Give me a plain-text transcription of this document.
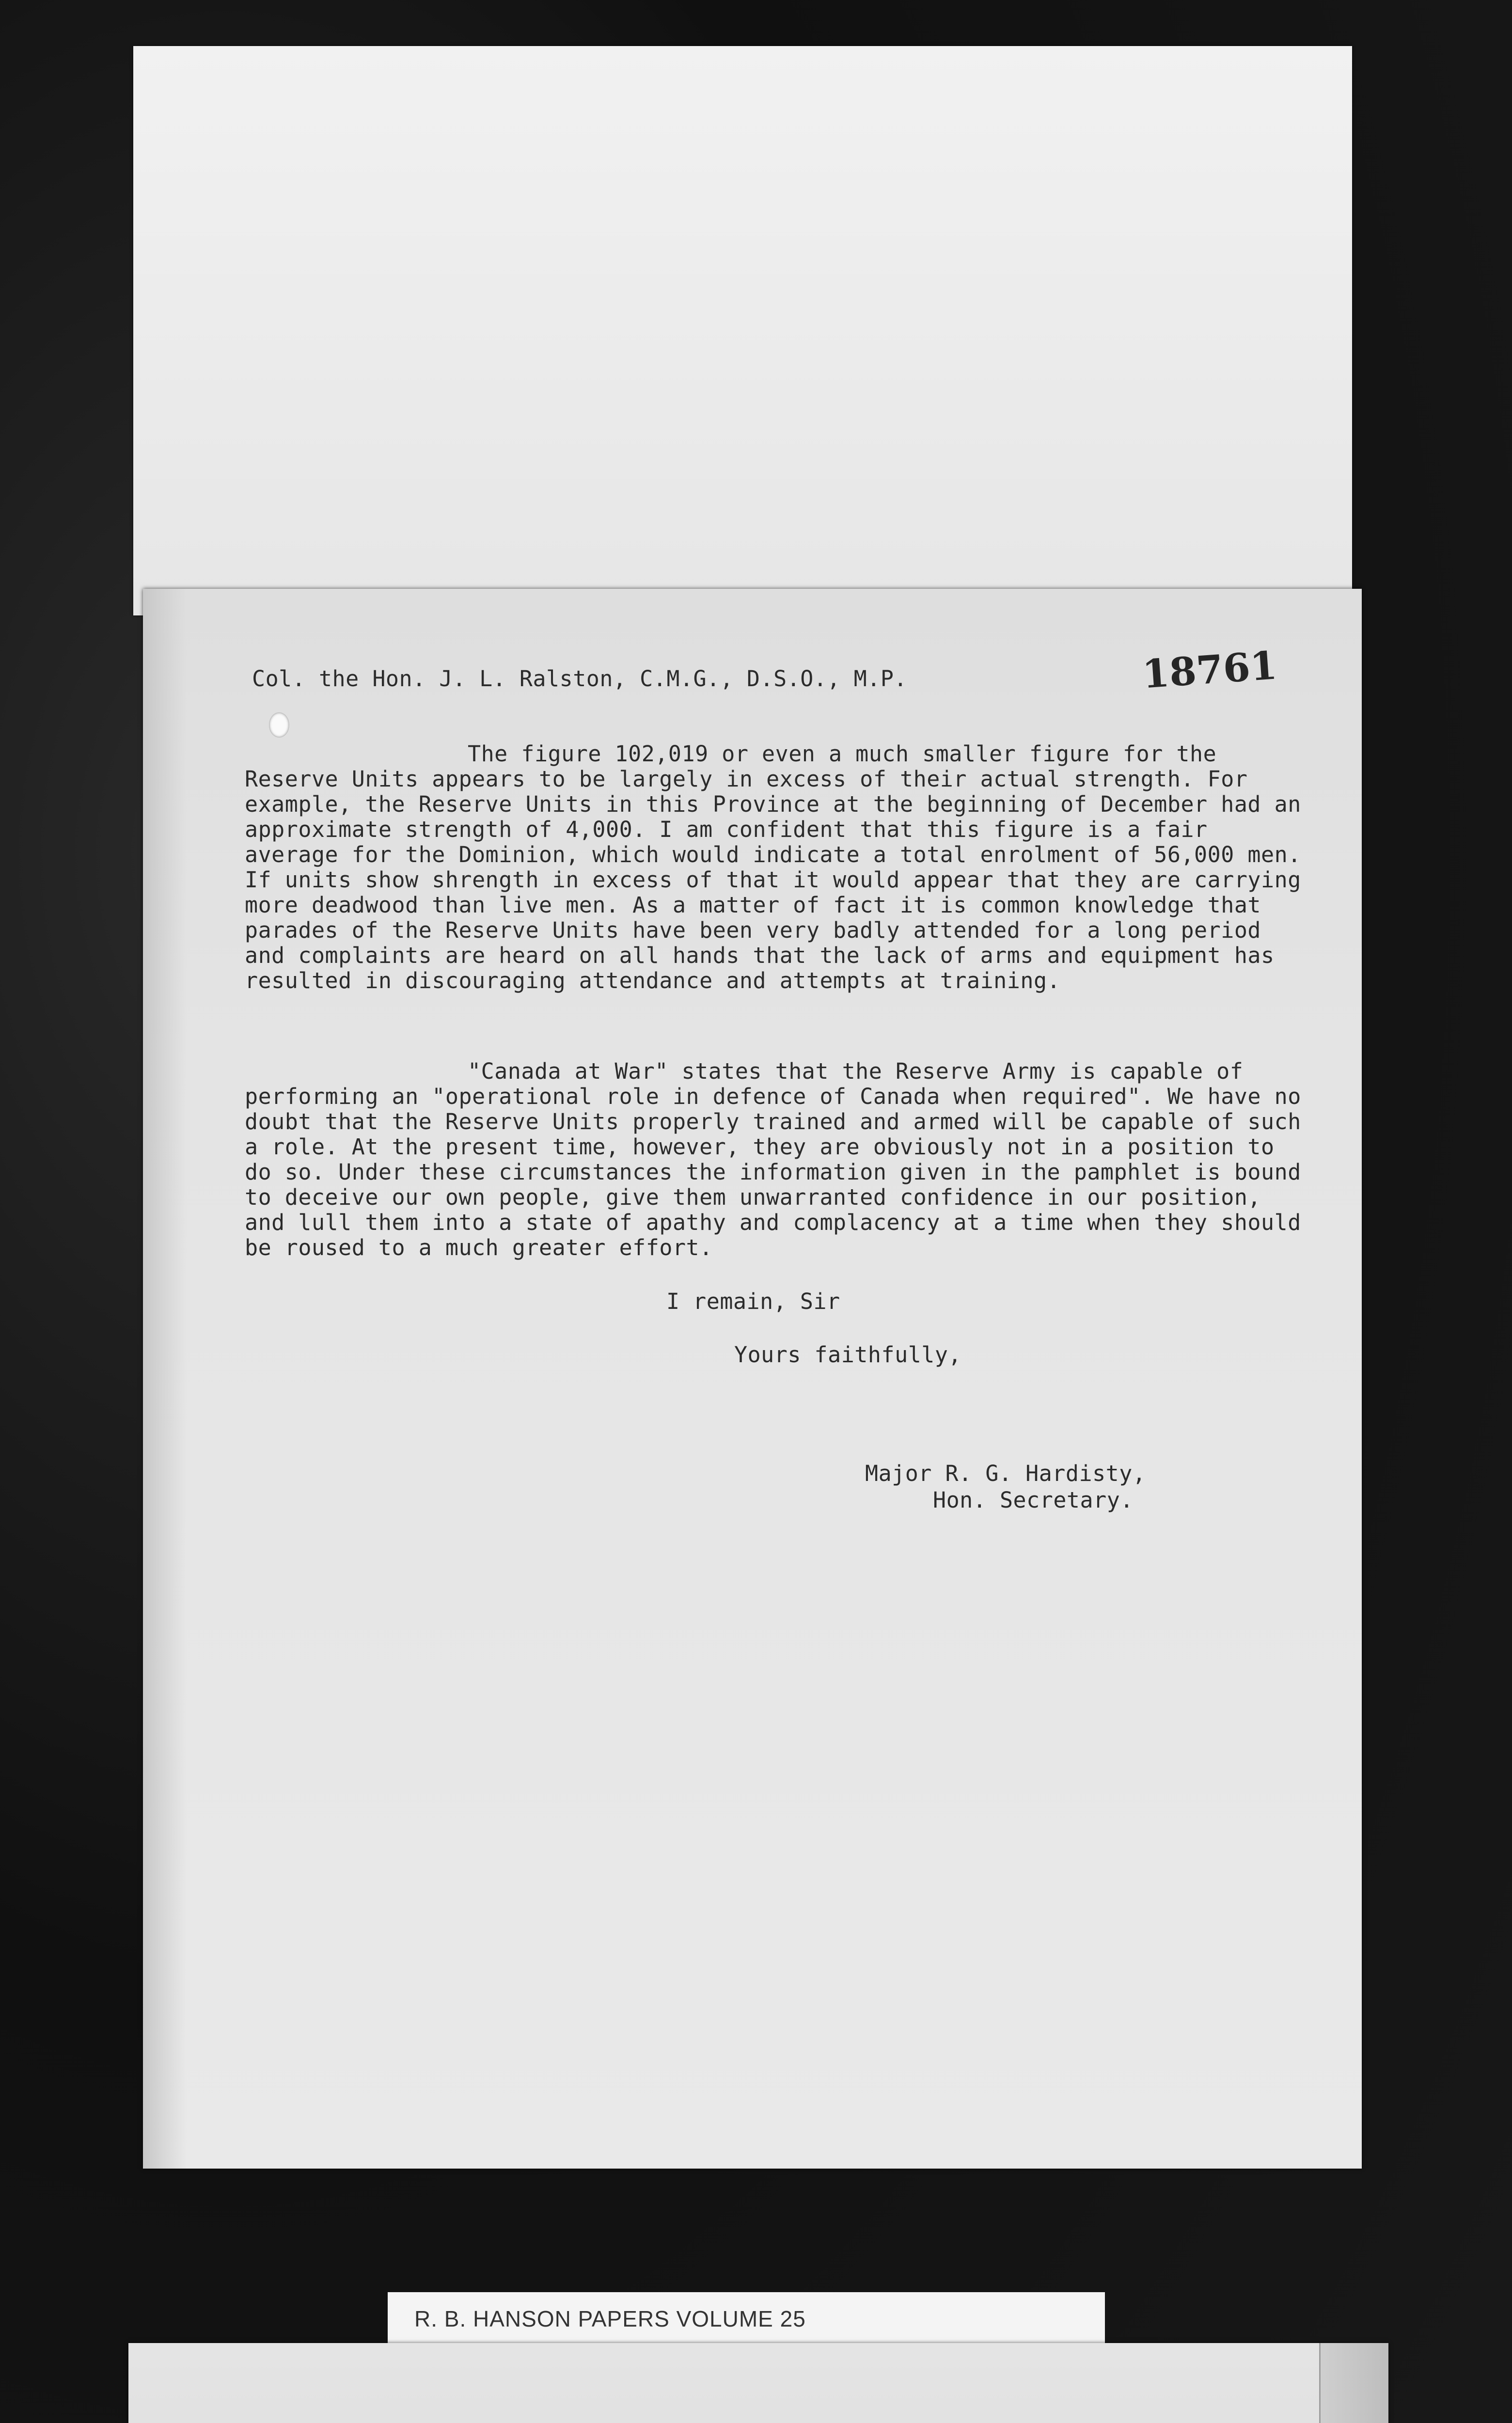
18761
Col. the Hon. J. L. Ralston, C.M.G., D.S.O., M.P.
The figure 102,019 or even a much smaller figure for the Reserve Units appears to be largely in excess of their actual strength. For example, the Reserve Units in this Province at the beginning of December had an approximate strength of 4,000. I am confident that this figure is a fair average for the Dominion, which would indicate a total enrolment of 56,000 men. If units show shrength in excess of that it would appear that they are carrying more deadwood than live men. As a matter of fact it is common knowledge that parades of the Reserve Units have been very badly attended for a long period and complaints are heard on all hands that the lack of arms and equipment has resulted in discouraging attendance and attempts at training.
"Canada at War" states that the Reserve Army is capable of performing an "operational role in defence of Canada when required". We have no doubt that the Reserve Units properly trained and armed will be capable of such a role. At the present time, however, they are obviously not in a position to do so. Under these circumstances the information given in the pamphlet is bound to deceive our own people, give them unwarranted confidence in our position, and lull them into a state of apathy and complacency at a time when they should be roused to a much greater effort.
I remain, Sir
Yours faithfully,
Major R. G. Hardisty,
Hon. Secretary.
R. B. HANSON PAPERS VOLUME 25
